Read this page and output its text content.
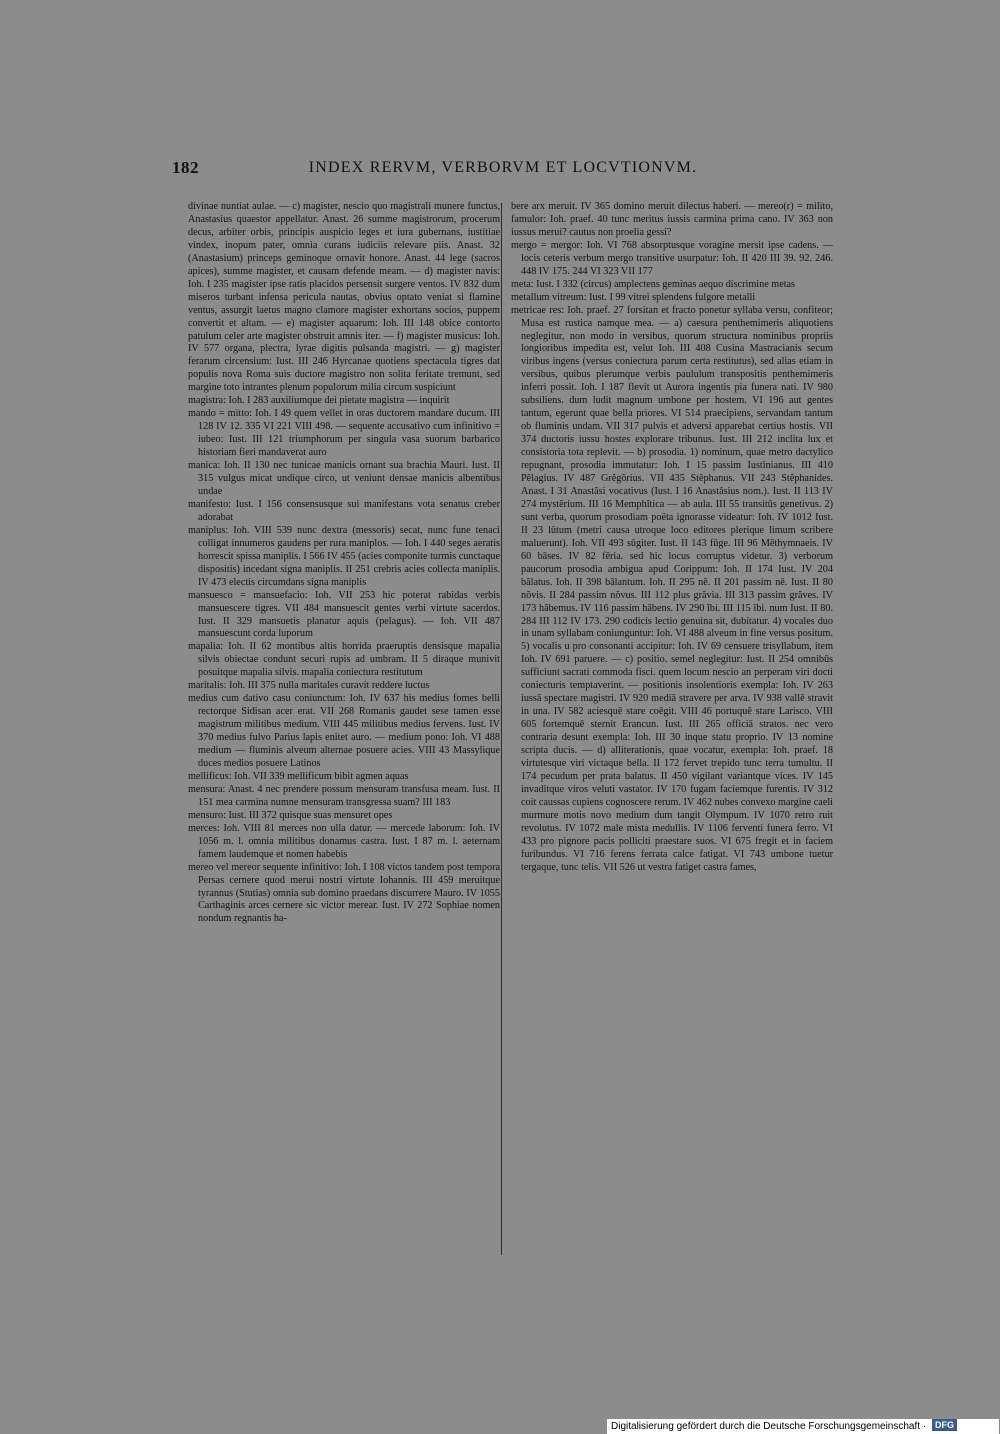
182	INDEX RERVM, VERBORVM ET LOCVTIONVM.

divinae nuntiat aulae. — c) magister, nescio quo magistrali munere functus, Anastasius quaestor appellatur. Anast. 26 summe magistrorum, procerum decus, arbiter orbis, principis auspicio leges et iura gubernans, iustitiae vindex, inopum pater, omnia curans iudiciis relevare piis. Anast. 32 (Anastasium) princeps geminoque ornavit honore. Anast. 44 lege (sacros apices), summe magister, et causam defende meam. — d) magister navis: Ioh. I 235 magister ipse ratis placidos persensit surgere ventos. IV 832 dum miseros turbant infensa pericula nautas, obvius optato veniat si flamine ventus, assurgit laetus magno clamore magister exhortans socios, puppem convertit et altam. — e) magister aquarum: Ioh. III 148 obice contorto patulum celer arte magister obstruit amnis iter. — f) magister musicus: Ioh. IV 577 organa, plectra, lyrae digitis pulsanda magistri. — g) magister ferarum circensium: Iust. III 246 Hyrcanae quotiens spectacula tigres dat populis nova Roma suis ductore magistro non solita feritate tremunt, sed margine toto intrantes plenum populorum milia circum suspiciunt

magistra: Ioh. I 283 auxiliumque dei pietate magistra — inquirit

mando = mitto: Ioh. I 49 quem vellet in oras ductorem mandare ducum. III 128 IV 12. 335 VI 221 VIII 498. — sequente accusativo cum infinitivo = iubeo: Iust. III 121 triumphorum per singula vasa suorum barbarico historiam fieri mandaverat auro

manica: Ioh. II 130 nec tunicae manicis ornant sua brachia Mauri. Iust. II 315 vulgus micat undique circo, ut veniunt densae manicis albentibus undae

manifesto: Iust. I 156 consensusque sui manifestans vota senatus creber adorabat

maniplus: Ioh. VIII 539 nunc dextra (messoris) secat, nunc fune tenaci colligat innumeros gaudens per rura maniplos. — Ioh. I 440 seges aeratis horrescit spissa maniplis. I 566 IV 455 (acies componite turmis cunctaque dispositis) incedant signa maniplis. II 251 crebris acies collecta maniplis. IV 473 electis circumdans signa maniplis

mansuesco = mansuefacio: Ioh. VII 253 hic poterat rabidas verbis mansuescere tigres. VII 484 mansuescit gentes verbi virtute sacerdos. Iust. II 329 mansuetis planatur aquis (pelagus). — Ioh. VII 487 mansuescunt corda luporum

mapalia: Ioh. II 62 montibus altis horrida praeruptis densisque mapalia silvis obiectae condunt securi rupis ad umbram. II 5 diraque munivit posuitque mapalia silvis. mapalia coniectura restitutum

maritalis: Ioh. III 375 nulla maritales curavit reddere luctus

medius cum dativo casu coniunctum: Ioh. IV 637 his medius fomes belli rectorque Sidisan acer erat. VII 268 Romanis gaudet sese tamen esse magistrum militibus medium. VIII 445 militibus medius fervens. Iust. IV 370 medius fulvo Parius lapis enitet auro. — medium pono: Ioh. VI 488 medium — fluminis alveum alternae posuere acies. VIII 43 Massylique duces medios posuere Latinos

mellificus: Ioh. VII 339 mellificum bibit agmen aquas

mensura: Anast. 4 nec prendere possum mensuram transfusa meam. Iust. II 151 mea carmina numne mensuram transgressa suam? III 183

mensuro: Iust. III 372 quisque suas mensuret opes

merces: Ioh. VIII 81 merces non ulla datur. — mercede laborum: Ioh. IV 1056 m. l. omnia militibus donamus castra. Iust. I 87 m. l. aeternam famem laudemque et nomen habebis

mereo vel mereor sequente infinitivo: Ioh. I 108 victos tandem post tempora Persas cernere quod merui nostri virtute Iohannis. III 459 meruitque tyrannus (Stutias) omnia sub domino praedans discurrere Mauro. IV 1055 Carthaginis arces cernere sic victor merear. Iust. IV 272 Sophiae nomen nondum regnantis ha-

bere arx meruit. IV 365 domino meruit dilectus haberi. — mereo(r) = milito, famulor: Ioh. praef. 40 tunc meritus iussis carmina prima cano. IV 363 non iussus merui? cautus non proelia gessi?

mergo = mergor: Ioh. VI 768 absorptusque voragine mersit ipse cadens. — locis ceteris verbum mergo transitive usurpatur: Ioh. II 420 III 39. 92. 246. 448 IV 175. 244 VI 323 VII 177

meta: Iust. I 332 (circus) amplectens geminas aequo discrimine metas

metallum vitreum: Iust. I 99 vitrei splendens fulgore metalli

metricae res: Ioh. praef. 27 forsitan et fracto ponetur syllaba versu, confiteor; Musa est rustica namque mea. — a) caesura penthemimeris aliquotiens neglegitur, non modo in versibus, quorum structura nominibus propriis longioribus impedita est, velut Ioh. III 408 Cusina Mastracianis secum viribus ingens (versus coniectura parum certa restitutus), sed alias etiam in versibus, quibus plerumque verbis paululum transpositis penthemimeris inferri possit. Ioh. I 187 flevit ut Aurora ingentis pia funera nati. IV 980 subsiliens. dum ludit magnum umbone per hostem. VI 196 aut gentes tantum, egerunt quae bella priores. VI 514 praecipiens, servandam tantum ob fluminis undam. VII 317 pulvis et adversi apparebat certius hostis. VII 374 ductoris iussu hostes explorare tribunus. Iust. III 212 inclita lux et consistoria tota replevit. — b) prosodia. 1) nominum, quae metro dactylico repugnant, prosodia immutatur: Ioh. I 15 passim Iustīnianus. III 410 Pĕlagius. IV 487 Grĕgŏrius. VII 435 Stĕphanus. VII 243 Stĕphanides. Anast. I 31 Anastăsi vocativus (Iust. I 16 Anastāsius nom.). Iust. II 113 IV 274 mystĕrium. III 16 Memphĭtica — ab aula. III 55 transitūs genetivus. 2) sunt verba, quorum prosodiam poëta ignorasse videatur: Ioh. IV 1012 Iust. II 23 lūtum (metri causa utroque loco editores plerique limum scribere maluerunt). Ioh. VII 493 sūgiter. Iust. II 143 fūge. III 96 Mēthymnaeis. IV 60 bāses. IV 82 fēria. sed hic locus corruptus videtur. 3) verborum paucorum prosodia ambigua apud Corippum: Ioh. II 174 Iust. IV 204 bălatus. Ioh. II 398 bālantum. Ioh. II 295 nĕ. II 201 passim nē. Iust. II 80 nŏvis. II 284 passim nŏvus. III 112 plus grăvia. III 313 passim grăves. IV 173 hăbemus. IV 116 passim hăbens. IV 290 ĭbi. III 115 ībi. num Iust. II 80. 284 III 112 IV 173. 290 codicis lectio genuina sit, dubitatur. 4) vocales duo in unam syllabam coniunguntur: Ioh. VI 488 alveum in fine versus positum. 5) vocalis u pro consonanti accipitur: Ioh. IV 69 censuere trisyllabum, item Ioh. IV 691 paruere. — c) positio. semel neglegitur: Iust. II 254 omnibūs sufficiunt sacrati commoda fisci. quem locum nescio an perperam viri docti coniecturis temptaverint. — positionis insolentioris exempla: Ioh. IV 263 iussā spectare magistri. IV 920 mediā stravere per arva. IV 938 vallē stravit in una. IV 582 aciesquē stare coēgit. VIII 46 portuquē stare Larisco. VIII 605 fortemquē sternit Erancun. Iust. III 265 officiā stratos. nec vero contraria desunt exempla: Ioh. III 30 inque statu proprio. IV 13 nomine scripta ducis. — d) alliterationis, quae vocatur, exempla: Ioh. praef. 18 virtutesque viri victaque bella. II 172 fervet trepido tunc terra tumultu. II 174 pecudum per prata balatus. II 450 vigilant variantque vices. IV 145 invaditque viros veluti vastator. IV 170 fugam faciemque furentis. IV 312 coit caussas cupiens cognoscere rerum. IV 462 nubes convexo margine caeli murmure motis novo medium dum tangit Olympum. IV 1070 retro ruit revolutus. IV 1072 male mista medullis. IV 1106 ferventi funera ferro. VI 433 pro pignore pacis polliciti praestare suos. VI 675 fregit et in faciem furibundus. VI 716 ferens ferrata calce fatigat. VI 743 umbone tuetur tergaque, tunc telis. VII 526 ut vestra fatiget castra fames,

Digitalisierung gefördert durch die Deutsche Forschungsgemeinschaft · DFG
